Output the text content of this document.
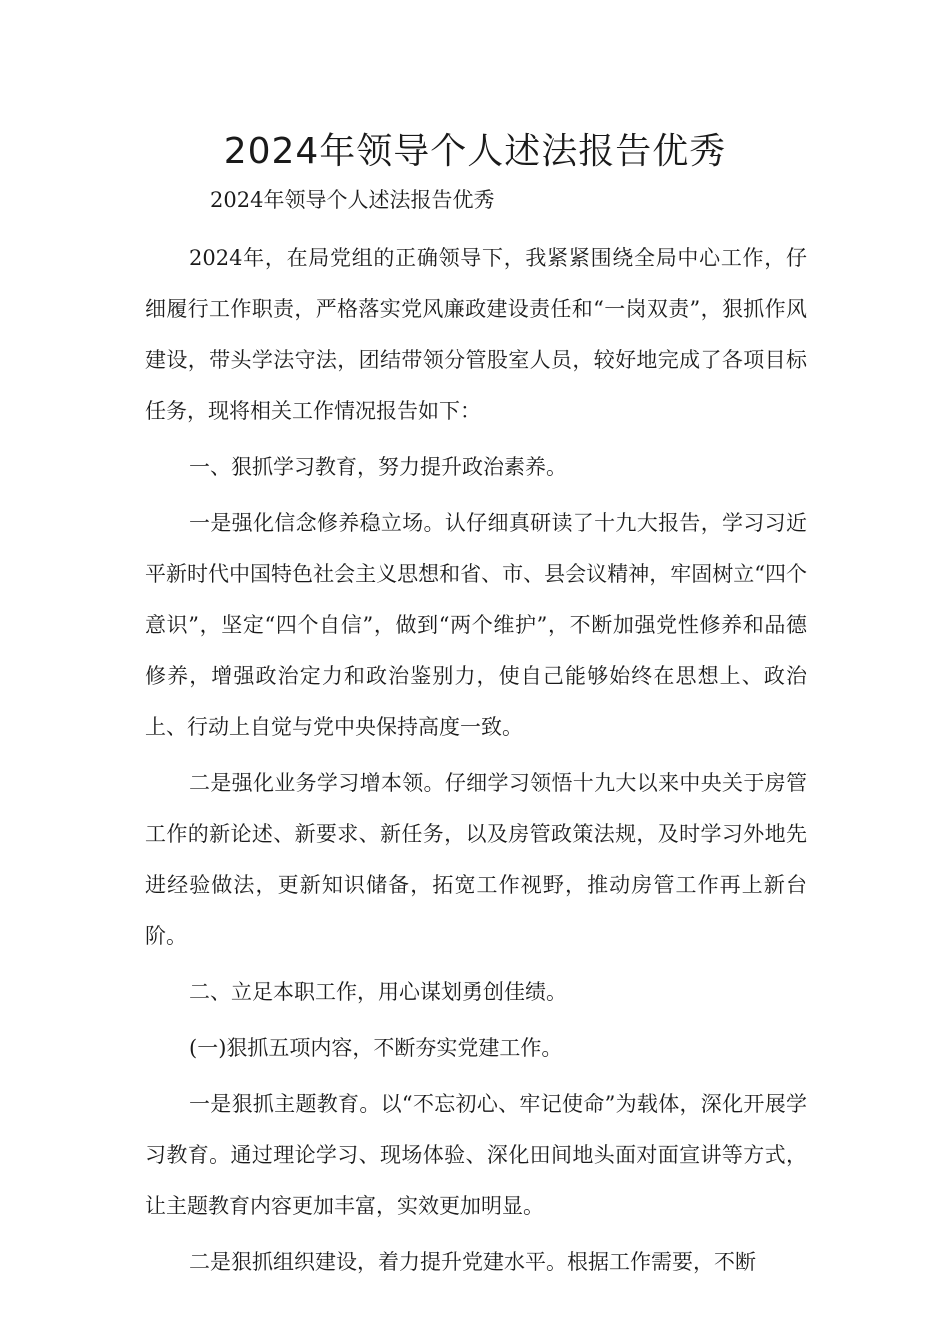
2024年领导个人述法报告优秀

2024年领导个人述法报告优秀

2024年，在局党组的正确领导下，我紧紧围绕全局中心工作，仔细履行工作职责，严格落实党风廉政建设责任和“一岗双责”，狠抓作风建设，带头学法守法，团结带领分管股室人员，较好地完成了各项目标任务，现将相关工作情况报告如下：

一、狠抓学习教育，努力提升政治素养。

一是强化信念修养稳立场。认仔细真研读了十九大报告，学习习近平新时代中国特色社会主义思想和省、市、县会议精神，牢固树立“四个意识”，坚定“四个自信”，做到“两个维护”，不断加强党性修养和品德修养，增强政治定力和政治鉴别力，使自己能够始终在思想上、政治上、行动上自觉与党中央保持高度一致。

二是强化业务学习增本领。仔细学习领悟十九大以来中央关于房管工作的新论述、新要求、新任务，以及房管政策法规，及时学习外地先进经验做法，更新知识储备，拓宽工作视野，推动房管工作再上新台阶。

二、立足本职工作，用心谋划勇创佳绩。

(一)狠抓五项内容，不断夯实党建工作。

一是狠抓主题教育。以“不忘初心、牢记使命”为载体，深化开展学习教育。通过理论学习、现场体验、深化田间地头面对面宣讲等方式，让主题教育内容更加丰富，实效更加明显。

二是狠抓组织建设，着力提升党建水平。根据工作需要，不断
